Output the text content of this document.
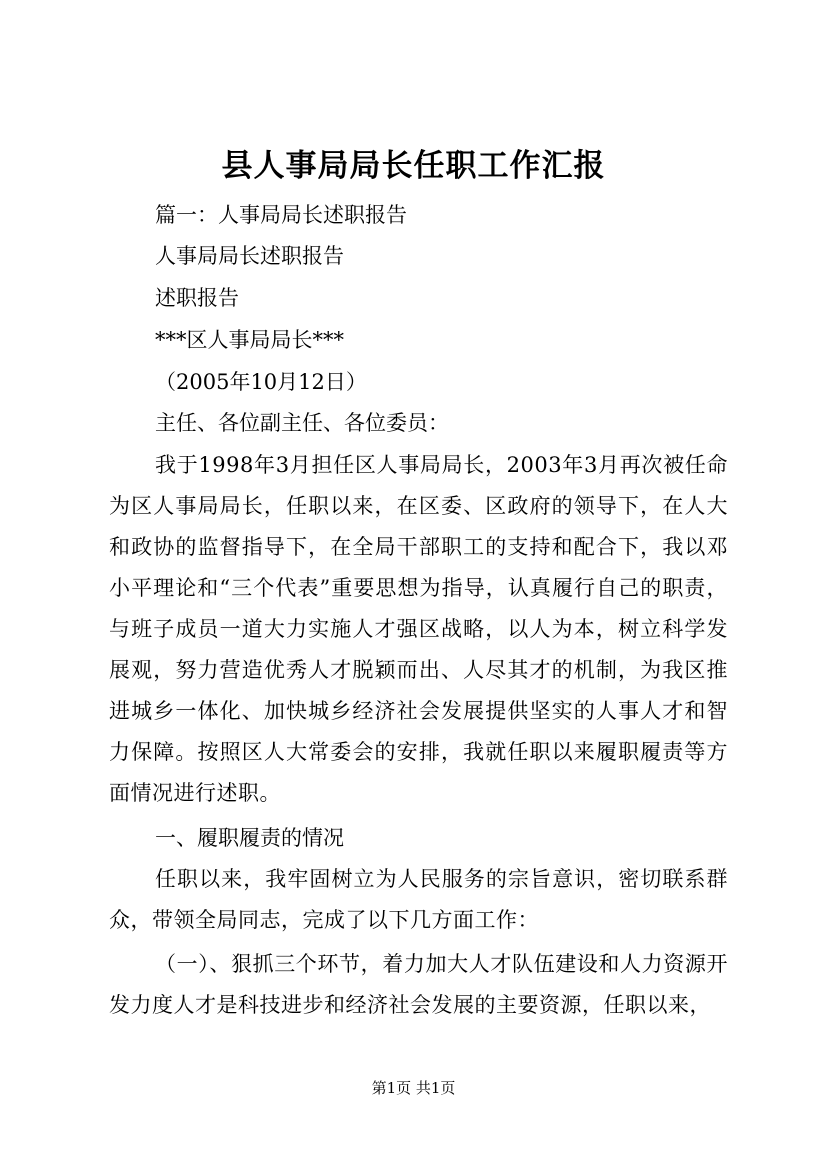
县人事局局长任职工作汇报
篇一：人事局局长述职报告
人事局局长述职报告
述职报告
***区人事局局长***
（2005年10月12日）
主任、各位副主任、各位委员：
我于1998年3月担任区人事局局长，2003年3月再次被任命为区人事局局长，任职以来，在区委、区政府的领导下，在人大和政协的监督指导下，在全局干部职工的支持和配合下，我以邓小平理论和“三个代表”重要思想为指导，认真履行自己的职责，与班子成员一道大力实施人才强区战略，以人为本，树立科学发展观，努力营造优秀人才脱颖而出、人尽其才的机制，为我区推进城乡一体化、加快城乡经济社会发展提供坚实的人事人才和智力保障。按照区人大常委会的安排，我就任职以来履职履责等方面情况进行述职。
一、履职履责的情况
任职以来，我牢固树立为人民服务的宗旨意识，密切联系群众，带领全局同志，完成了以下几方面工作：
（一）、狠抓三个环节，着力加大人才队伍建设和人力资源开发力度人才是科技进步和经济社会发展的主要资源，任职以来，
第1页 共1页
